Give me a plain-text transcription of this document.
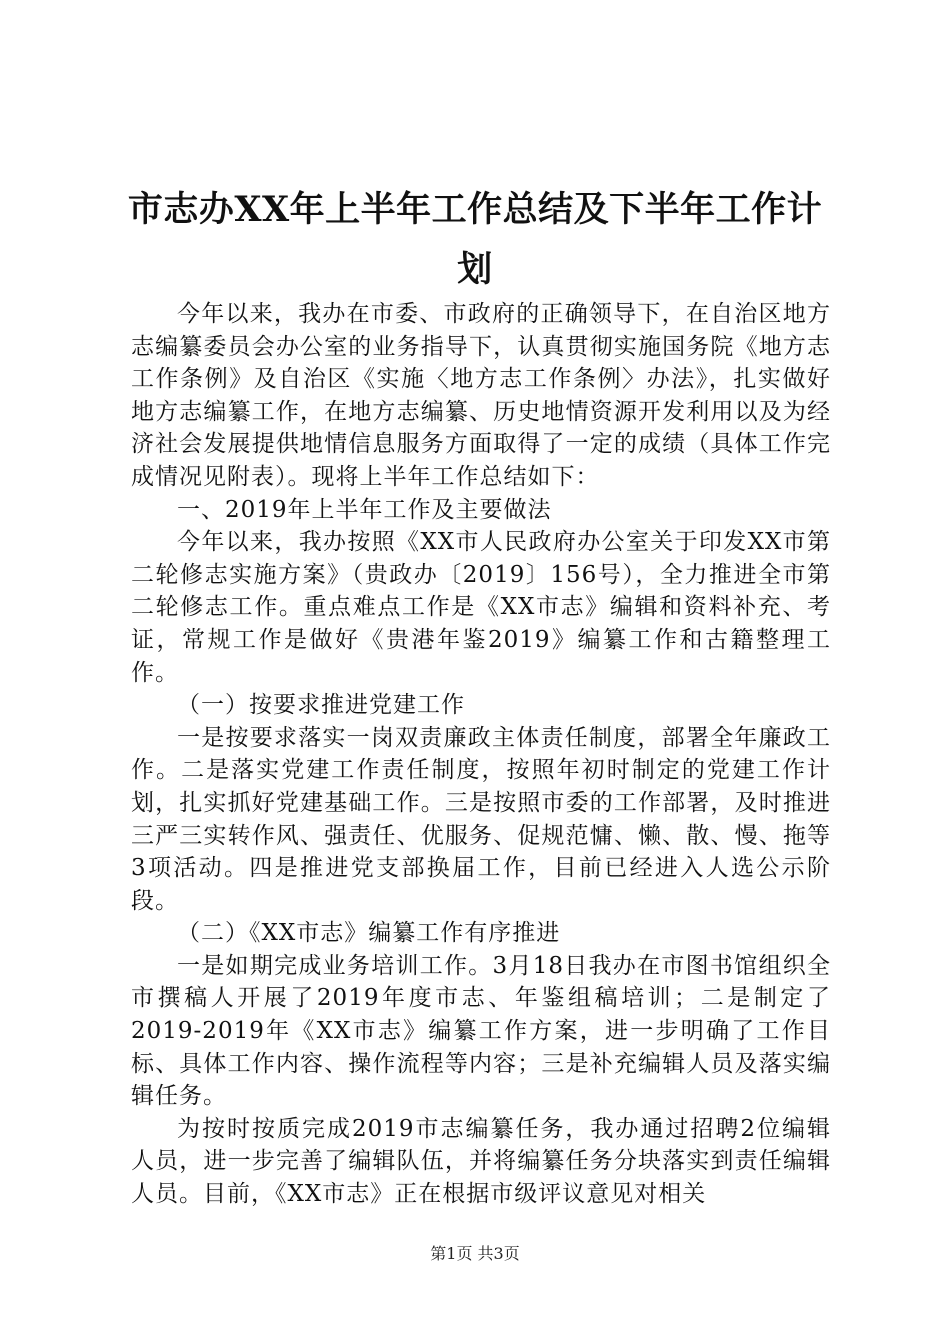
市志办XX年上半年工作总结及下半年工作计划

今年以来，我办在市委、市政府的正确领导下，在自治区地方志编纂委员会办公室的业务指导下，认真贯彻实施国务院《地方志工作条例》及自治区《实施〈地方志工作条例〉办法》，扎实做好地方志编纂工作，在地方志编纂、历史地情资源开发利用以及为经济社会发展提供地情信息服务方面取得了一定的成绩（具体工作完成情况见附表）。现将上半年工作总结如下：

一、2019年上半年工作及主要做法

今年以来，我办按照《XX市人民政府办公室关于印发XX市第二轮修志实施方案》（贵政办〔2019〕156号），全力推进全市第二轮修志工作。重点难点工作是《XX市志》编辑和资料补充、考证，常规工作是做好《贵港年鉴2019》编纂工作和古籍整理工作。

（一）按要求推进党建工作

一是按要求落实一岗双责廉政主体责任制度，部署全年廉政工作。二是落实党建工作责任制度，按照年初时制定的党建工作计划，扎实抓好党建基础工作。三是按照市委的工作部署，及时推进三严三实转作风、强责任、优服务、促规范慵、懒、散、慢、拖等3项活动。四是推进党支部换届工作，目前已经进入人选公示阶段。

（二）《XX市志》编纂工作有序推进

一是如期完成业务培训工作。3月18日我办在市图书馆组织全市撰稿人开展了2019年度市志、年鉴组稿培训；二是制定了2019-2019年《XX市志》编纂工作方案，进一步明确了工作目标、具体工作内容、操作流程等内容；三是补充编辑人员及落实编辑任务。

为按时按质完成2019市志编纂任务，我办通过招聘2位编辑人员，进一步完善了编辑队伍，并将编纂任务分块落实到责任编辑人员。目前，《XX市志》正在根据市级评议意见对相关

第1页 共3页
